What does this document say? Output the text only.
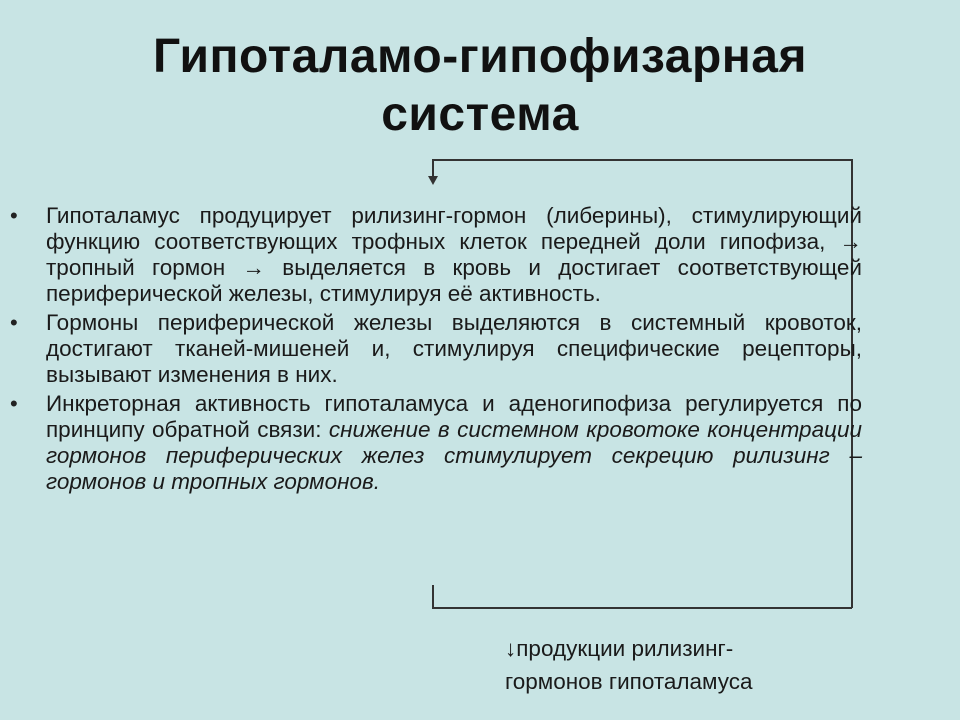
Гипоталамо-гипофизарная
система
• Гипоталамус продуцирует рилизинг-гормон (либерины), стимулирующий функцию соответствующих трофных клеток передней доли гипофиза, → тропный гормон → выделяется в кровь и достигает соответствующей периферической железы, стимулируя её активность.
• Гормоны периферической железы выделяются в системный кровоток, достигают тканей-мишеней и, стимулируя специфические рецепторы, вызывают изменения в них.
• Инкреторная активность гипоталамуса и аденогипофиза регулируется по принципу обратной связи: снижение в системном кровотоке концентрации гормонов периферических желез стимулирует секрецию рилизинг – гормонов и тропных гормонов.
↓продукции рилизинг-
гормонов гипоталамуса
